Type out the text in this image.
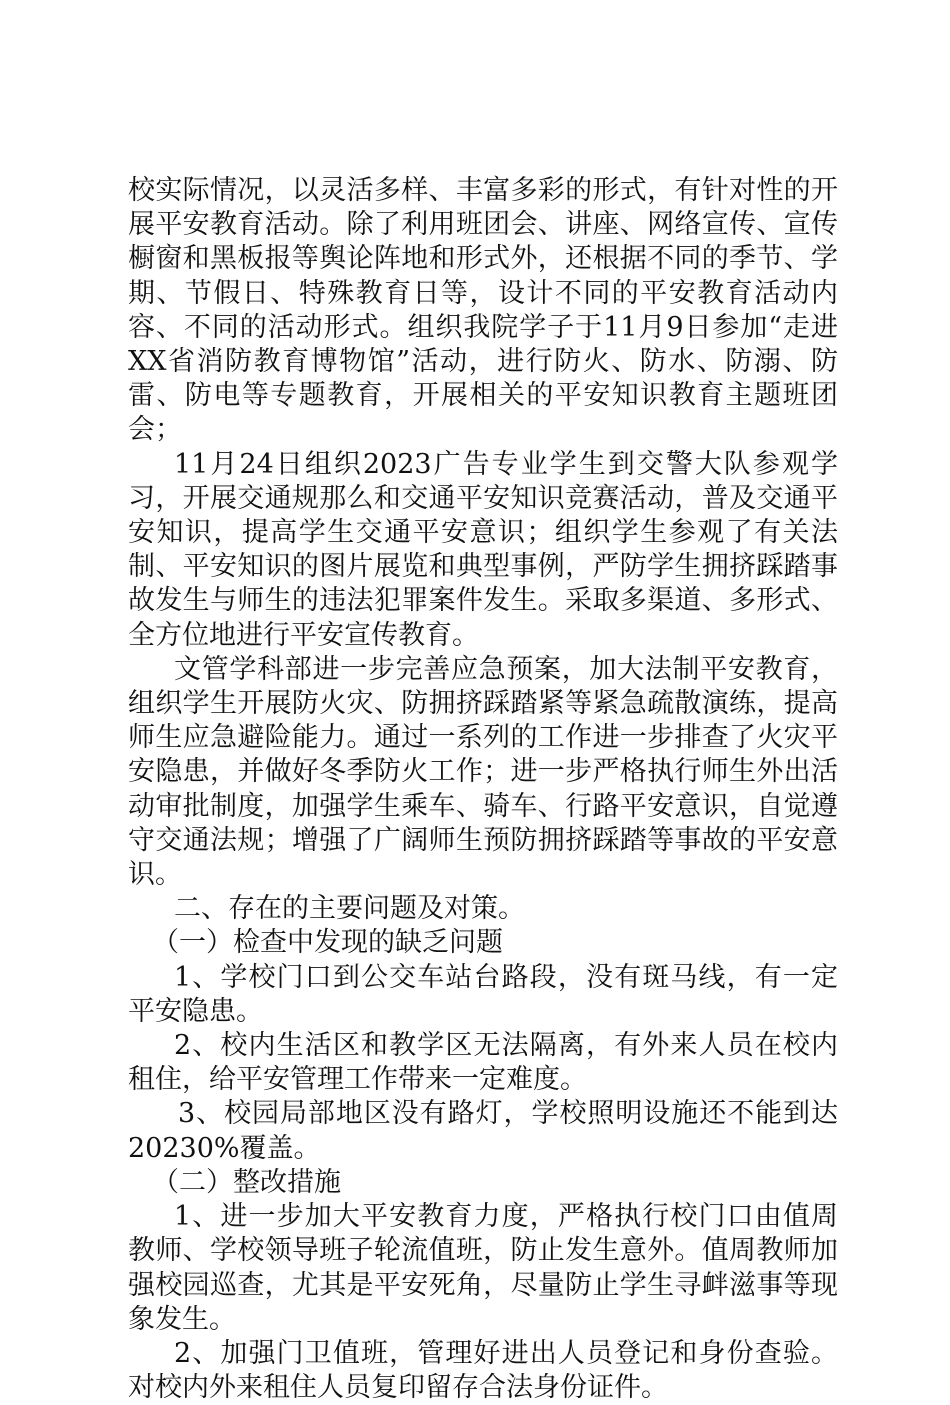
校实际情况，以灵活多样、丰富多彩的形式，有针对性的开展平安教育活动。除了利用班团会、讲座、网络宣传、宣传橱窗和黑板报等舆论阵地和形式外，还根据不同的季节、学期、节假日、特殊教育日等，设计不同的平安教育活动内容、不同的活动形式。组织我院学子于11月9日参加“走进XX省消防教育博物馆”活动，进行防火、防水、防溺、防雷、防电等专题教育，开展相关的平安知识教育主题班团会；

11月24日组织2023广告专业学生到交警大队参观学习，开展交通规那么和交通平安知识竞赛活动，普及交通平安知识，提高学生交通平安意识；组织学生参观了有关法制、平安知识的图片展览和典型事例，严防学生拥挤踩踏事故发生与师生的违法犯罪案件发生。采取多渠道、多形式、全方位地进行平安宣传教育。

文管学科部进一步完善应急预案，加大法制平安教育，组织学生开展防火灾、防拥挤踩踏紧等紧急疏散演练，提高师生应急避险能力。通过一系列的工作进一步排查了火灾平安隐患，并做好冬季防火工作；进一步严格执行师生外出活动审批制度，加强学生乘车、骑车、行路平安意识，自觉遵守交通法规；增强了广阔师生预防拥挤踩踏等事故的平安意识。

二、存在的主要问题及对策。

（一）检查中发现的缺乏问题

1、学校门口到公交车站台路段，没有斑马线，有一定平安隐患。

2、校内生活区和教学区无法隔离，有外来人员在校内租住，给平安管理工作带来一定难度。

3、校园局部地区没有路灯，学校照明设施还不能到达20230%覆盖。

（二）整改措施

1、进一步加大平安教育力度，严格执行校门口由值周教师、学校领导班子轮流值班，防止发生意外。值周教师加强校园巡查，尤其是平安死角，尽量防止学生寻衅滋事等现象发生。

2、加强门卫值班，管理好进出人员登记和身份查验。对校内外来租住人员复印留存合法身份证件。
